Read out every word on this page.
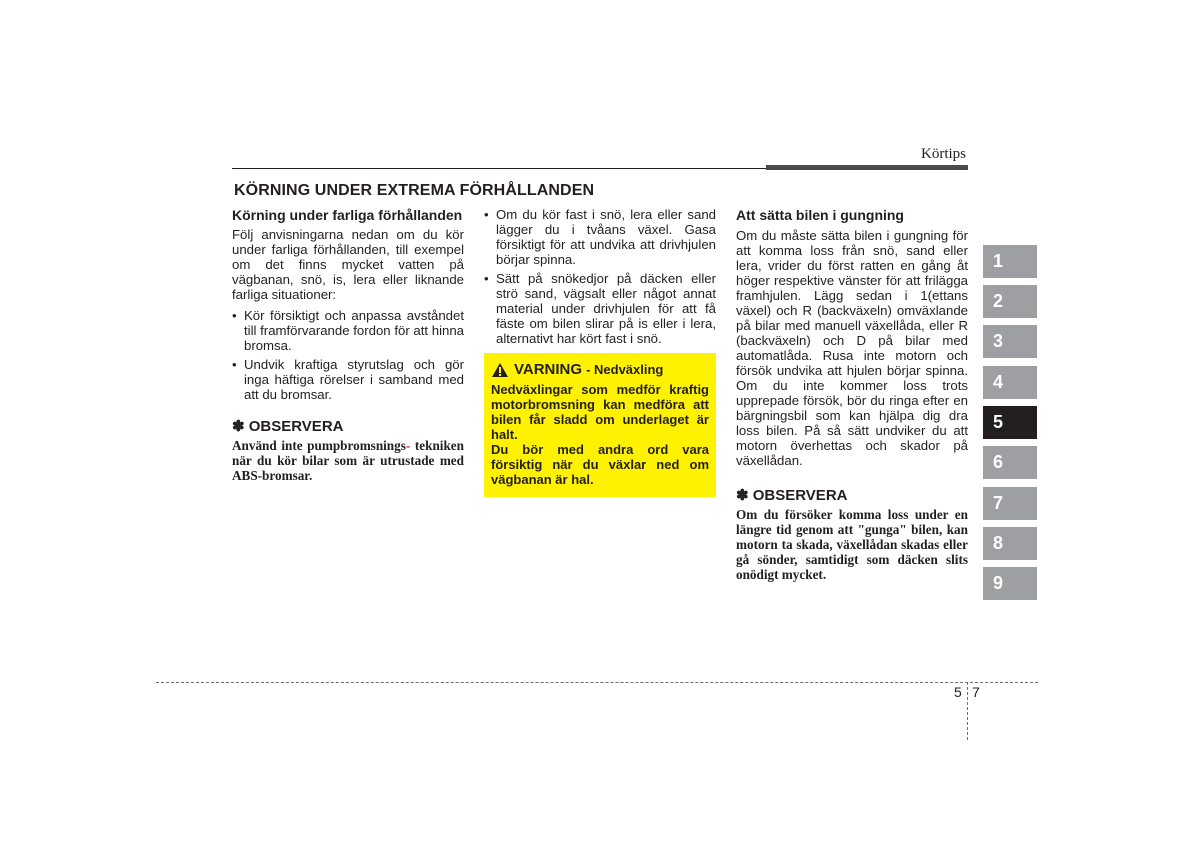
Körtips
KÖRNING UNDER EXTREMA FÖRHÅLLANDEN
Körning under farliga förhållanden

Följ anvisningarna nedan om du kör under farliga förhållanden, till exempel om det finns mycket vatten på vägbanan, snö, is, lera eller liknande farliga situationer:

• Kör försiktigt och anpassa avståndet till framförvarande fordon för att hinna bromsa.
• Undvik kraftiga styrutslag och gör inga häftiga rörelser i samband med att du bromsar.
✽ OBSERVERA
Använd inte pumpbromsnings- tekniken när du kör bilar som är utrustade med ABS-bromsar.
• Om du kör fast i snö, lera eller sand lägger du i tvåans växel. Gasa försiktigt för att undvika att drivhjulen börjar spinna.
• Sätt på snökedjor på däcken eller strö sand, vägsalt eller något annat material under drivhjulen för att få fäste om bilen slirar på is eller i lera, alternativt har kört fast i snö.
VARNING - Nedväxling

Nedväxlingar som medför kraftig motorbromsning kan medföra att bilen får sladd om underlaget är halt.

Du bör med andra ord vara försiktig när du växlar ned om vägbanan är hal.

Att sätta bilen i gungning

Om du måste sätta bilen i gungning för att komma loss från snö, sand eller lera, vrider du först ratten en gång åt höger respektive vänster för att frilägga framhjulen. Lägg sedan i 1(ettans växel) och R (backväxeln) omväxlande på bilar med manuell växellåda, eller R (backväxeln) och D på bilar med automatlåda. Rusa inte motorn och försök undvika att hjulen börjar spinna. Om du inte kommer loss trots upprepade försök, bör du ringa efter en bärgningsbil som kan hjälpa dig dra loss bilen. På så sätt undviker du att motorn överhettas och skador på växellådan.

✽ OBSERVERA
Om du försöker komma loss under en längre tid genom att "gunga" bilen, kan motorn ta skada, växellådan skadas eller gå sönder, samtidigt som däcken slits onödigt mycket.
1
2
3
4
5
6
7
8
9
5 7
